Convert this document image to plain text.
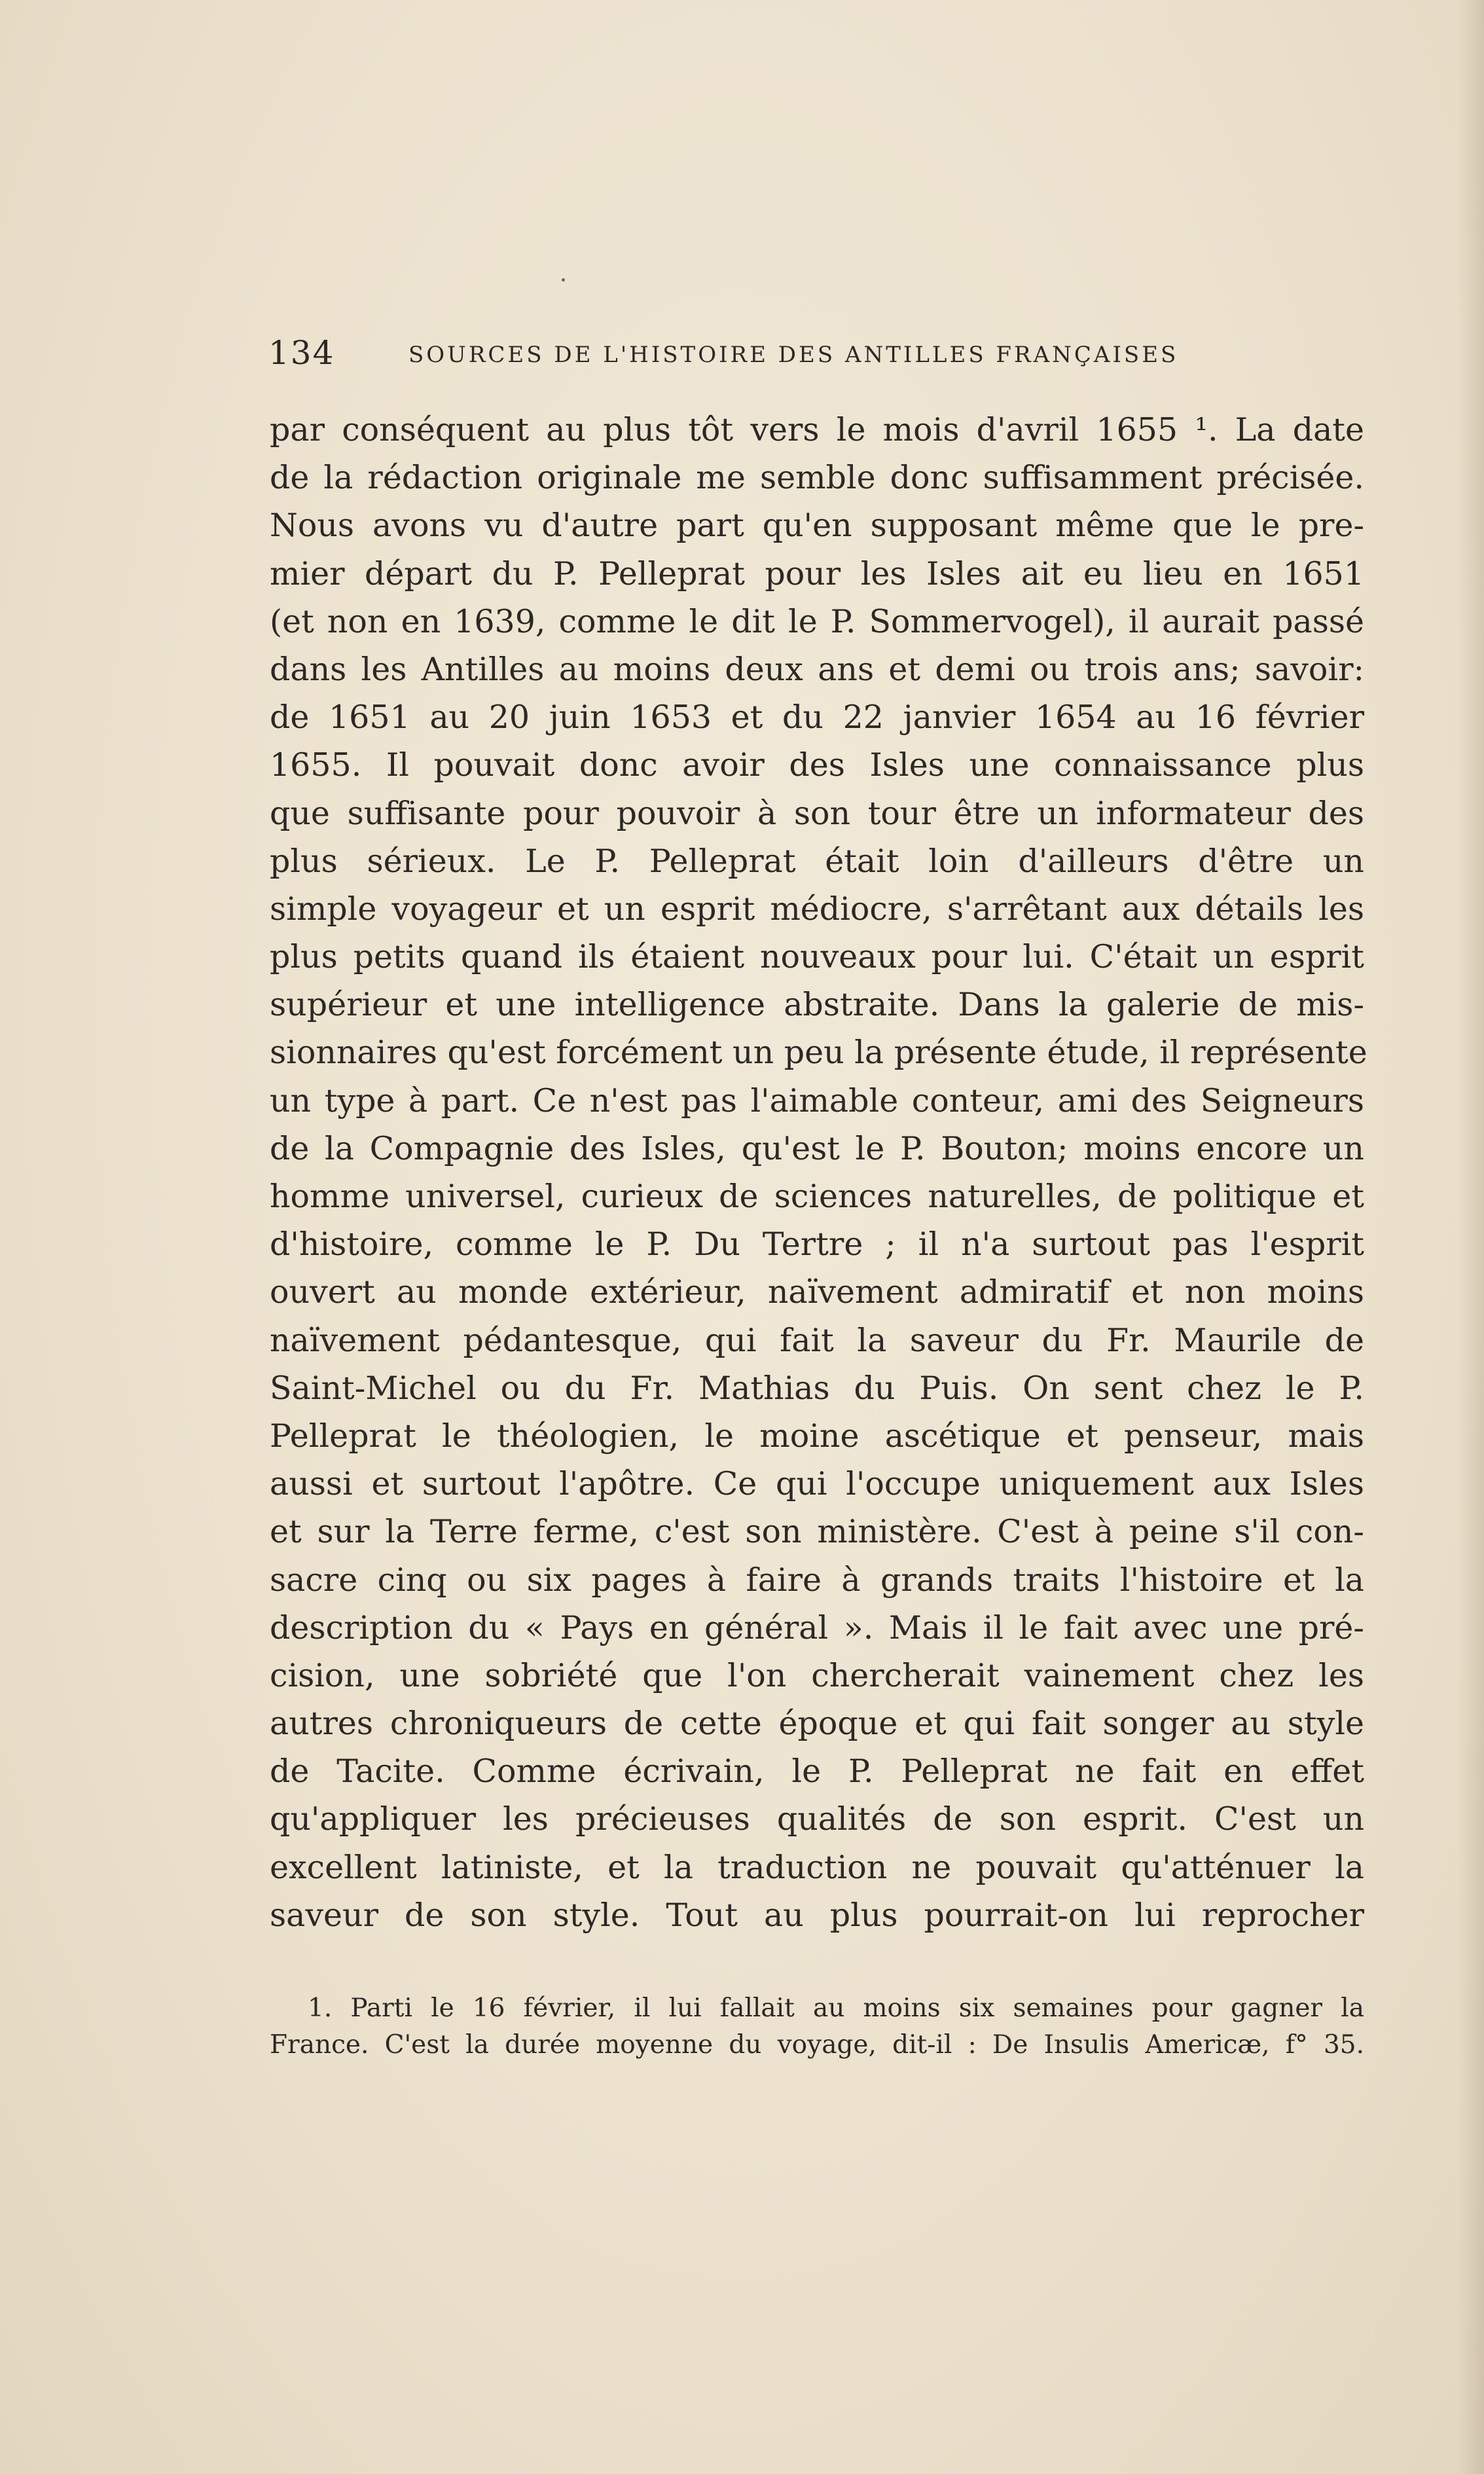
134	SOURCES DE L'HISTOIRE DES ANTILLES FRANÇAISES
par conséquent au plus tôt vers le mois d'avril 1655 ¹. La date
de la rédaction originale me semble donc suffisamment précisée.
Nous avons vu d'autre part qu'en supposant même que le pre-
mier départ du P. Pelleprat pour les Isles ait eu lieu en 1651
(et non en 1639, comme le dit le P. Sommervogel), il aurait passé
dans les Antilles au moins deux ans et demi ou trois ans; savoir:
de 1651 au 20 juin 1653 et du 22 janvier 1654 au 16 février
1655. Il pouvait donc avoir des Isles une connaissance plus
que suffisante pour pouvoir à son tour être un informateur des
plus sérieux. Le P. Pelleprat était loin d'ailleurs d'être un
simple voyageur et un esprit médiocre, s'arrêtant aux détails les
plus petits quand ils étaient nouveaux pour lui. C'était un esprit
supérieur et une intelligence abstraite. Dans la galerie de mis-
sionnaires qu'est forcément un peu la présente étude, il représente
un type à part. Ce n'est pas l'aimable conteur, ami des Seigneurs
de la Compagnie des Isles, qu'est le P. Bouton; moins encore un
homme universel, curieux de sciences naturelles, de politique et
d'histoire, comme le P. Du Tertre ; il n'a surtout pas l'esprit
ouvert au monde extérieur, naïvement admiratif et non moins
naïvement pédantesque, qui fait la saveur du Fr. Maurile de
Saint-Michel ou du Fr. Mathias du Puis. On sent chez le P.
Pelleprat le théologien, le moine ascétique et penseur, mais
aussi et surtout l'apôtre. Ce qui l'occupe uniquement aux Isles
et sur la Terre ferme, c'est son ministère. C'est à peine s'il con-
sacre cinq ou six pages à faire à grands traits l'histoire et la
description du « Pays en général ». Mais il le fait avec une pré-
cision, une sobriété que l'on chercherait vainement chez les
autres chroniqueurs de cette époque et qui fait songer au style
de Tacite. Comme écrivain, le P. Pelleprat ne fait en effet
qu'appliquer les précieuses qualités de son esprit. C'est un
excellent latiniste, et la traduction ne pouvait qu'atténuer la
saveur de son style. Tout au plus pourrait-on lui reprocher
1. Parti le 16 février, il lui fallait au moins six semaines pour gagner la
France. C'est la durée moyenne du voyage, dit-il : De Insulis Americæ, f° 35.
